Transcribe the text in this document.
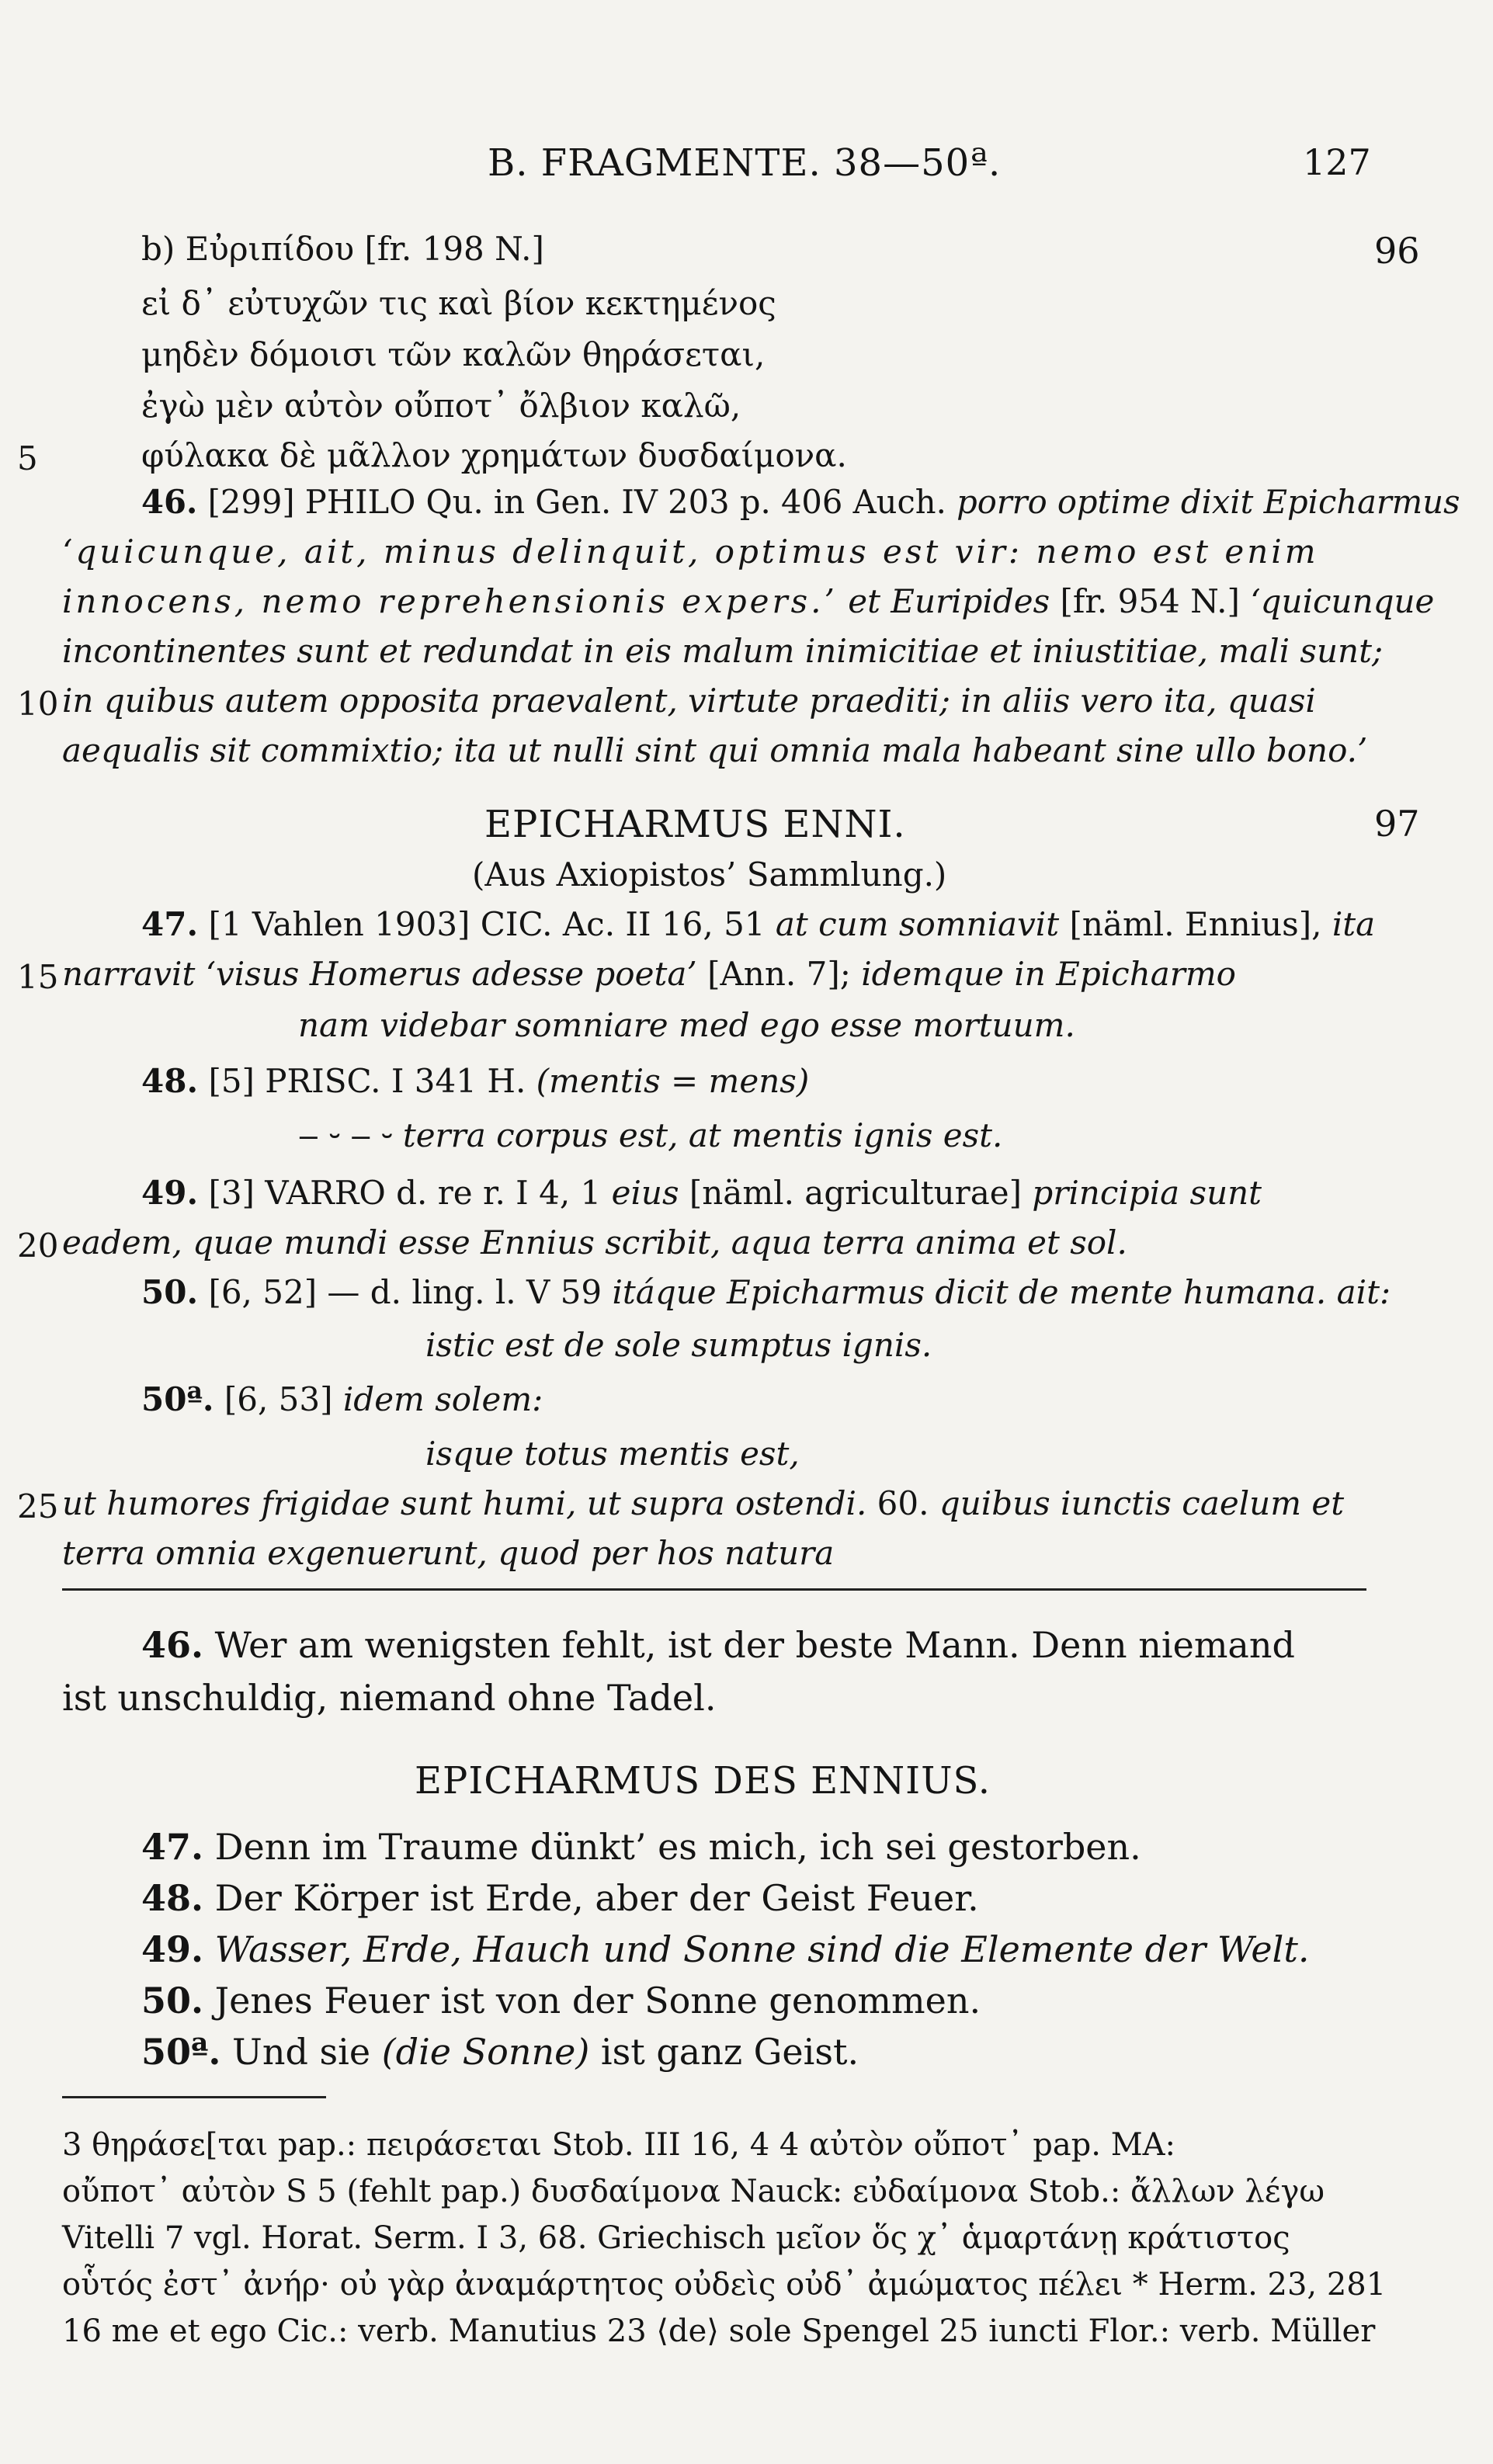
B. FRAGMENTE. 38—50ª.	127
b) Εὐριπίδου [fr. 198 N.]	96
εἰ δ᾽ εὐτυχῶν τις καὶ βίον κεκτημένος
μηδὲν δόμοισι τῶν καλῶν θηράσεται,
ἐγὼ μὲν αὐτὸν οὔποτ᾽ ὄλβιον καλῶ,
φύλακα δὲ μᾶλλον χρημάτων δυσδαίμονα.
5
46. [299] PHILO Qu. in Gen. IV 203 p. 406 Auch. porro optime dixit Epicharmus
‘quicunque, ait, minus delinquit, optimus est vir: nemo est enim
innocens, nemo reprehensionis expers.’ et Euripides [fr. 954 N.] ‘quicunque
incontinentes sunt et redundat in eis malum inimicitiae et iniustitiae, mali sunt;
in quibus autem opposita praevalent, virtute praediti; in aliis vero ita, quasi
10
aequalis sit commixtio; ita ut nulli sint qui omnia mala habeant sine ullo bono.’
EPICHARMUS ENNI.	97
(Aus Axiopistos’ Sammlung.)
47. [1 Vahlen 1903] CIC. Ac. II 16, 51 at cum somniavit [näml. Ennius], ita
narravit ‘visus Homerus adesse poeta’ [Ann. 7]; idemque in Epicharmo
15
nam videbar somniare med ego esse mortuum.
48. [5] PRISC. I 341 H. (mentis = mens)
‒ ⏑ ‒ ⏑ terra corpus est, at mentis ignis est.
49. [3] VARRO d. re r. I 4, 1 eius [näml. agriculturae] principia sunt
eadem, quae mundi esse Ennius scribit, aqua terra anima et sol.
20
50. [6, 52] — d. ling. l. V 59 itáque Epicharmus dicit de mente humana. ait:
istic est de sole sumptus ignis.
50ª. [6, 53] idem solem:
isque totus mentis est,
ut humores frigidae sunt humi, ut supra ostendi. 60. quibus iunctis caelum et
25
terra omnia exgenuerunt, quod per hos natura
46. Wer am wenigsten fehlt, ist der beste Mann. Denn niemand
ist unschuldig, niemand ohne Tadel.
EPICHARMUS DES ENNIUS.
47. Denn im Traume dünkt’ es mich, ich sei gestorben.
48. Der Körper ist Erde, aber der Geist Feuer.
49. Wasser, Erde, Hauch und Sonne sind die Elemente der Welt.
50. Jenes Feuer ist von der Sonne genommen.
50ª. Und sie (die Sonne) ist ganz Geist.
3 θηράσε[ται pap.: πειράσεται Stob. III 16, 4 4 αὐτὸν οὔποτ᾽ pap. MA:
οὔποτ᾽ αὐτὸν S 5 (fehlt pap.) δυσδαίμονα Nauck: εὐδαίμονα Stob.: ἄλλων λέγω
Vitelli 7 vgl. Horat. Serm. I 3, 68. Griechisch μεῖον ὅς χ᾽ ἁμαρτάνῃ κράτιστος
οὗτός ἐστ᾽ ἀνήρ· οὐ γὰρ ἀναμάρτητος οὐδεὶς οὐδ᾽ ἀμώματος πέλει * Herm. 23, 281
16 me et ego Cic.: verb. Manutius 23 ⟨de⟩ sole Spengel 25 iuncti Flor.: verb. Müller
